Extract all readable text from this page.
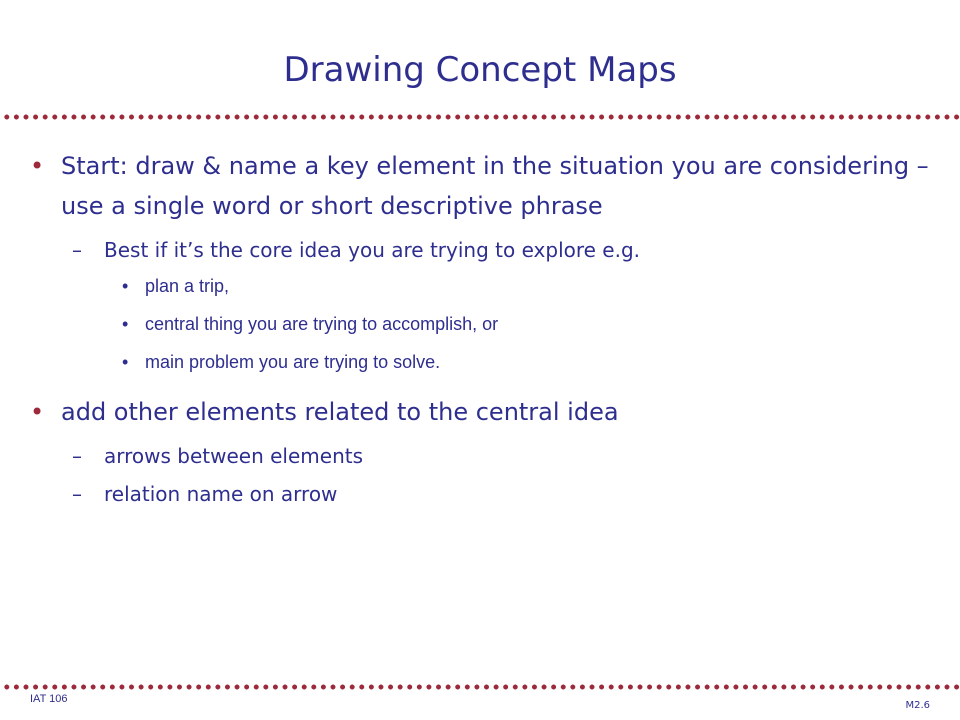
Drawing Concept Maps
• Start: draw & name a key element in the situation you are considering – use a single word or short descriptive phrase
–	Best if it’s the core idea you are trying to explore e.g.
• plan a trip,
• central thing you are trying to accomplish, or
• main problem you are trying to solve.
• add other elements related to the central idea
–	arrows between elements
–	relation name on arrow
IAT 106
M2.6
